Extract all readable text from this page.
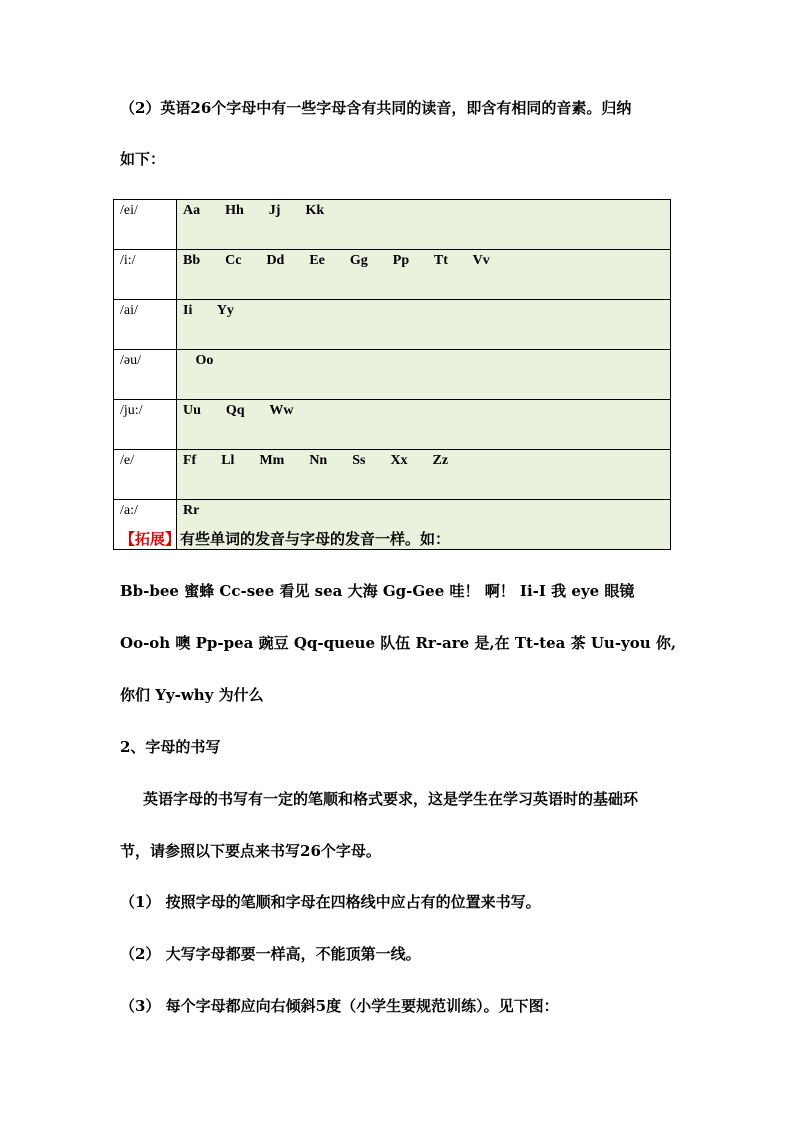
（2）英语26个字母中有一些字母含有共同的读音，即含有相同的音素。归纳
如下：
/ei/	Aa  Hh  Jj  Kk
/i:/	Bb  Cc  Dd  Ee  Gg  Pp  Tt  Vv
/ai/	Ii  Yy
/əu/	Oo
/ju:/	Uu  Qq  Ww
/e/	Ff  Ll  Mm  Nn  Ss  Xx  Zz
/a:/	Rr
【拓展】有些单词的发音与字母的发音一样。如：
Bb-bee 蜜蜂 Cc-see 看见 sea 大海 Gg-Gee 哇！ 啊！ Ii-I 我 eye 眼镜
Oo-oh 噢 Pp-pea 豌豆 Qq-queue 队伍 Rr-are 是,在 Tt-tea 茶 Uu-you 你,
你们 Yy-why 为什么
2、字母的书写
英语字母的书写有一定的笔顺和格式要求，这是学生在学习英语时的基础环
节，请参照以下要点来书写26个字母。
（1） 按照字母的笔顺和字母在四格线中应占有的位置来书写。
（2） 大写字母都要一样高，不能顶第一线。
（3） 每个字母都应向右倾斜5度（小学生要规范训练）。见下图：
